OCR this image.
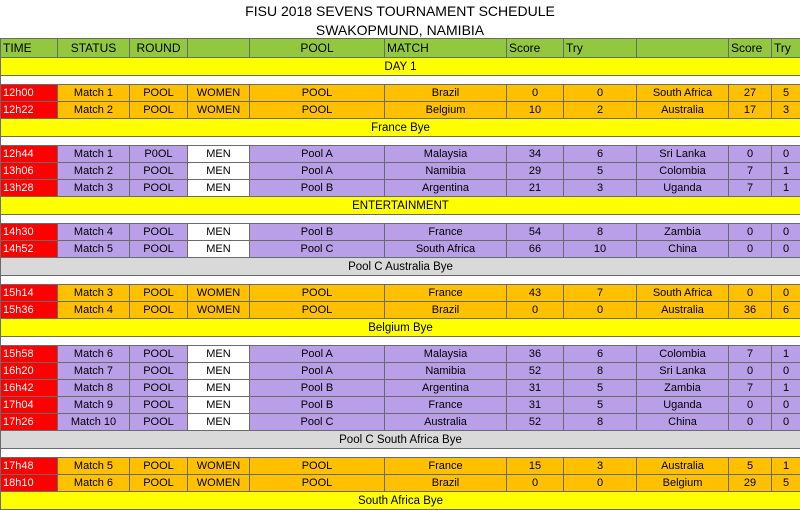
FISU 2018 SEVENS TOURNAMENT SCHEDULE
SWAKOPMUND, NAMIBIA
TIME	STATUS	ROUND		POOL	MATCH	Score	Try		Score	Try
DAY 1										

12h00	Match 1	POOL	WOMEN	POOL	Brazil	0	0	South Africa	27	5
12h22	Match 2	POOL	WOMEN	POOL	Belgium	10	2	Australia	17	3
France Bye										

12h44	Match 1	P0OL	MEN	Pool A	Malaysia	34	6	Sri Lanka	0	0
13h06	Match 2	POOL	MEN	Pool A	Namibia	29	5	Colombia	7	1
13h28	Match 3	POOL	MEN	Pool B	Argentina	21	3	Uganda	7	1
ENTERTAINMENT										

14h30	Match 4	POOL	MEN	Pool B	France	54	8	Zambia	0	0
14h52	Match 5	POOL	MEN	Pool C	South Africa	66	10	China	0	0
Pool C Australia Bye										

15h14	Match 3	POOL	WOMEN	POOL	France	43	7	South Africa	0	0
15h36	Match 4	POOL	WOMEN	POOL	Brazil	0	0	Australia	36	6
Belgium Bye										

15h58	Match 6	POOL	MEN	Pool A	Malaysia	36	6	Colombia	7	1
16h20	Match 7	POOL	MEN	Pool A	Namibia	52	8	Sri Lanka	0	0
16h42	Match 8	POOL	MEN	Pool B	Argentina	31	5	Zambia	7	1
17h04	Match 9	POOL	MEN	Pool B	France	31	5	Uganda	0	0
17h26	Match 10	POOL	MEN	Pool C	Australia	52	8	China	0	0
Pool C South Africa Bye										

17h48	Match 5	POOL	WOMEN	POOL	France	15	3	Australia	5	1
18h10	Match 6	POOL	WOMEN	POOL	Brazil	0	0	Belgium	29	5
South Africa Bye										
